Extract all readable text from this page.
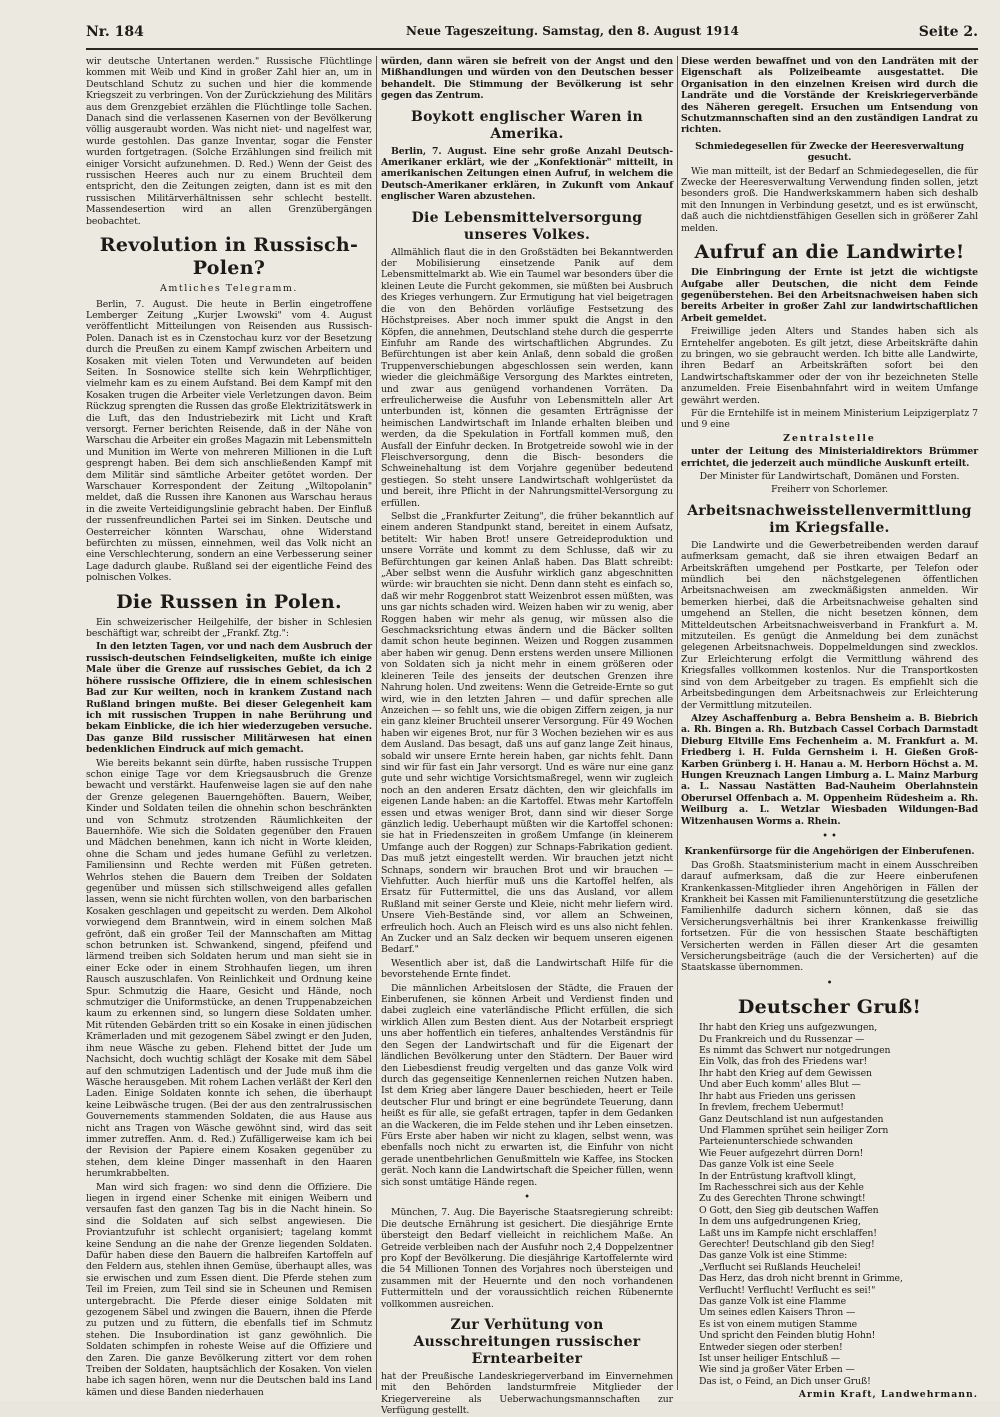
Nr. 184	Neue Tageszeitung. Samstag, den 8. August 1914	Seite 2.

wir deutsche Untertanen werden." Russische Flüchtlinge kommen mit Weib und Kind in großer Zahl hier an, um in Deutschland Schutz zu suchen und hier die kommende Kriegszeit zu verbringen. Von der Zurückziehung des Militärs aus dem Grenzgebiet erzählen die Flüchtlinge tolle Sachen. Danach sind die verlassenen Kasernen von der Bevölkerung völlig ausgeraubt worden. Was nicht niet- und nagelfest war, wurde gestohlen. Das ganze Inventar, sogar die Fenster wurden fortgetragen. (Solche Erzählungen sind freilich mit einiger Vorsicht aufzunehmen. D. Red.) Wenn der Geist des russischen Heeres auch nur zu einem Bruchteil dem entspricht, den die Zeitungen zeigten, dann ist es mit den russischen Militärverhältnissen sehr schlecht bestellt. Massendesertion wird an allen Grenzübergängen beobachtet.

Revolution in Russisch-Polen?
Amtliches Telegramm.

Berlin, 7. August. Die heute in Berlin eingetroffene Lemberger Zeitung „Kurjer Lwowski" vom 4. August veröffentlicht Mitteilungen von Reisenden aus Russisch-Polen. Danach ist es in Czenstochau kurz vor der Besetzung durch die Preußen zu einem Kampf zwischen Arbeitern und Kosaken mit vielen Toten und Verwundeten auf beiden Seiten. In Sosnowice stellte sich kein Wehrpflichtiger, vielmehr kam es zu einem Aufstand. Bei dem Kampf mit den Kosaken trugen die Arbeiter viele Verletzungen davon. Beim Rückzug sprengten die Russen das große Elektrizitätswerk in die Luft, das den Industriebezirk mit Licht und Kraft versorgt. Ferner berichten Reisende, daß in der Nähe von Warschau die Arbeiter ein großes Magazin mit Lebensmitteln und Munition im Werte von mehreren Millionen in die Luft gesprengt haben. Bei dem sich anschließenden Kampf mit dem Militär sind sämtliche Arbeiter getötet worden. Der Warschauer Korrespondent der Zeitung „Wiltopolanin" meldet, daß die Russen ihre Kanonen aus Warschau heraus in die zweite Verteidigungslinie gebracht haben. Der Einfluß der russenfreundlichen Partei sei im Sinken. Deutsche und Oesterreicher könnten Warschau, ohne Widerstand befürchten zu müssen, einnehmen, weil das Volk nicht an eine Verschlechterung, sondern an eine Verbesserung seiner Lage dadurch glaube. Rußland sei der eigentliche Feind des polnischen Volkes.

Die Russen in Polen.

Ein schweizerischer Heilgehilfe, der bisher in Schlesien beschäftigt war, schreibt der „Frankf. Ztg.":

In den letzten Tagen, vor und nach dem Ausbruch der russisch-deutschen Feindseligkeiten, mußte ich einige Male über die Grenze auf russisches Gebiet, da ich 2 höhere russische Offiziere, die in einem schlesischen Bad zur Kur weilten, noch in krankem Zustand nach Rußland bringen mußte. Bei dieser Gelegenheit kam ich mit russischen Truppen in nahe Berührung und bekam Einblicke, die ich hier wiederzugeben versuche. Das ganze Bild russischer Militärwesen hat einen bedenklichen Eindruck auf mich gemacht.

Wie bereits bekannt sein dürfte, haben russische Truppen schon einige Tage vor dem Kriegsausbruch die Grenze bewacht und verstärkt. Haufenweise lagen sie auf den nahe der Grenze gelegenen Bauerngehöften. Bauern, Weiber, Kinder und Soldaten teilen die ohnehin schon beschränkten und von Schmutz strotzenden Räumlichkeiten der Bauernhöfe. Wie sich die Soldaten gegenüber den Frauen und Mädchen benehmen, kann ich nicht in Worte kleiden, ohne die Scham und jedes humane Gefühl zu verletzen. Familiensinn und Rechte werden mit Füßen getreten. Wehrlos stehen die Bauern dem Treiben der Soldaten gegenüber und müssen sich stillschweigend alles gefallen lassen, wenn sie nicht fürchten wollen, von den barbarischen Kosaken geschlagen und gepeitscht zu werden. Dem Alkohol vorwiegend dem Branntwein, wird in einem solchen Maß gefrönt, daß ein großer Teil der Mannschaften am Mittag schon betrunken ist. Schwankend, singend, pfeifend und lärmend treiben sich Soldaten herum und man sieht sie in einer Ecke oder in einem Strohhaufen liegen, um ihren Rausch auszuschlafen. Von Reinlichkeit und Ordnung keine Spur. Schmutzig die Haare, Gesicht und Hände, noch schmutziger die Uniformstücke, an denen Truppenabzeichen kaum zu erkennen sind, so lungern diese Soldaten umher. Mit rütenden Gebärden tritt so ein Kosake in einen jüdischen Krämerladen und mit gezogenem Säbel zwingt er den Juden, ihm neue Wäsche zu geben. Flehend bittet der Jude um Nachsicht, doch wuchtig schlägt der Kosake mit dem Säbel auf den schmutzigen Ladentisch und der Jude muß ihm die Wäsche herausgeben. Mit rohem Lachen verläßt der Kerl den Laden. Einige Soldaten konnte ich sehen, die überhaupt keine Leibwäsche trugen. (Bei der aus den zentralrussischen Gouvernements stammenden Soldaten, die aus Hause aus nicht ans Tragen von Wäsche gewöhnt sind, wird das seit immer zutreffen. Anm. d. Red.) Zufälligerweise kam ich bei der Revision der Papiere einem Kosaken gegenüber zu stehen, dem kleine Dinger massenhaft in den Haaren herumkrabbelten.

Man wird sich fragen: wo sind denn die Offiziere. Die liegen in irgend einer Schenke mit einigen Weibern und versaufen fast den ganzen Tag bis in die Nacht hinein. So sind die Soldaten auf sich selbst angewiesen. Die Proviantzufuhr ist schlecht organisiert; tagelang kommt keine Sendung an die nahe der Grenze liegenden Soldaten. Dafür haben diese den Bauern die halbreifen Kartoffeln auf den Feldern aus, stehlen ihnen Gemüse, überhaupt alles, was sie erwischen und zum Essen dient. Die Pferde stehen zum Teil im Freien, zum Teil sind sie in Scheunen und Remisen untergebracht. Die Pferde dieser einige Soldaten mit gezogenem Säbel und zwingen die Bauern, ihnen die Pferde zu putzen und zu füttern, die ebenfalls tief im Schmutz stehen. Die Insubordination ist ganz gewöhnlich. Die Soldaten schimpfen in roheste Weise auf die Offiziere und den Zaren. Die ganze Bevölkerung zittert vor dem rohen Treiben der Soldaten, hauptsächlich der Kosaken. Von vielen habe ich sagen hören, wenn nur die Deutschen bald ins Land kämen und diese Banden niederhauen

würden, dann wären sie befreit von der Angst und den Mißhandlungen und würden von den Deutschen besser behandelt. Die Stimmung der Bevölkerung ist sehr gegen das Zentrum.

Boykott englischer Waren in Amerika.

Berlin, 7. August. Eine sehr große Anzahl Deutsch-Amerikaner erklärt, wie der „Konfektionär" mitteilt, in amerikanischen Zeitungen einen Aufruf, in welchem die Deutsch-Amerikaner erklären, in Zukunft vom Ankauf englischer Waren abzustehen.

Die Lebensmittelversorgung unseres Volkes.

Allmählich flaut die in den Großstädten bei Bekanntwerden der Mobilisierung einsetzende Panik auf dem Lebensmittelmarkt ab. Wie ein Taumel war besonders über die kleinen Leute die Furcht gekommen, sie müßten bei Ausbruch des Krieges verhungern. Zur Ermutigung hat viel beigetragen die von den Behörden vorläufige Festsetzung des Höchstpreises. Aber noch immer spukt die Angst in den Köpfen, die annehmen, Deutschland stehe durch die gesperrte Einfuhr am Rande des wirtschaftlichen Abgrundes. Zu Befürchtungen ist aber kein Anlaß, denn sobald die großen Truppenverschiebungen abgeschlossen sein werden, kann wieder die gleichmäßige Versorgung des Marktes eintreten, und zwar aus genügend vorhandenen Vorräten. Da erfreulicherweise die Ausfuhr von Lebensmitteln aller Art unterbunden ist, können die gesamten Erträgnisse der heimischen Landwirtschaft im Inlande erhalten bleiben und werden, da die Spekulation in Fortfall kommen muß, den Ausfall der Einfuhr decken. In Brotgetreide sowohl wie in der Fleischversorgung, denn die Bisch- besonders die Schweinehaltung ist dem Vorjahre gegenüber bedeutend gestiegen. So steht unsere Landwirtschaft wohlgerüstet da und bereit, ihre Pflicht in der Nahrungsmittel-Versorgung zu erfüllen.

Selbst die „Frankfurter Zeitung", die früher bekanntlich auf einem anderen Standpunkt stand, bereitet in einem Aufsatz, betitelt: Wir haben Brot! unsere Getreideproduktion und unsere Vorräte und kommt zu dem Schlusse, daß wir zu Befürchtungen gar keinen Anlaß haben. Das Blatt schreibt: „Aber selbst wenn die Ausfuhr wirklich ganz abgeschnitten würde: wir brauchten sie nicht. Denn dann steht es einfach so, daß wir mehr Roggenbrot statt Weizenbrot essen müßten, was uns gar nichts schaden wird. Weizen haben wir zu wenig, aber Roggen haben wir mehr als genug, wir müssen also die Geschmacksrichtung etwas ändern und die Bäcker sollten damit schon heute beginnen. Weizen und Roggen zusammen aber haben wir genug. Denn erstens werden unsere Millionen von Soldaten sich ja nicht mehr in einem größeren oder kleineren Teile des jenseits der deutschen Grenzen ihre Nahrung holen. Und zweitens: Wenn die Getreide-Ernte so gut wird, wie in den letzten Jahren — und dafür sprechen alle Anzeichen — so fehlt uns, wie die obigen Ziffern zeigen, ja nur ein ganz kleiner Bruchteil unserer Versorgung. Für 49 Wochen haben wir eigenes Brot, nur für 3 Wochen beziehen wir es aus dem Ausland. Das besagt, daß uns auf ganz lange Zeit hinaus, sobald wir unsere Ernte herein haben, gar nichts fehlt. Dann sind wir für fast ein Jahr versorgt. Und es wäre nur eine ganz gute und sehr wichtige Vorsichtsmaßregel, wenn wir zugleich noch an den anderen Ersatz dächten, den wir gleichfalls im eigenen Lande haben: an die Kartoffel. Etwas mehr Kartoffeln essen und etwas weniger Brot, dann sind wir dieser Sorge gänzlich ledig. Ueberhaupt müßten wir die Kartoffel schonen: sie hat in Friedenszeiten in großem Umfange (in kleinerem Umfange auch der Roggen) zur Schnaps-Fabrikation gedient. Das muß jetzt eingestellt werden. Wir brauchen jetzt nicht Schnaps, sondern wir brauchen Brot und wir brauchen — Viehfutter. Auch hierfür muß uns die Kartoffel helfen, als Ersatz für Futtermittel, die uns das Ausland, vor allem Rußland mit seiner Gerste und Kleie, nicht mehr liefern wird. Unsere Vieh-Bestände sind, vor allem an Schweinen, erfreulich hoch. Auch an Fleisch wird es uns also nicht fehlen. An Zucker und an Salz decken wir bequem unseren eigenen Bedarf."

Wesentlich aber ist, daß die Landwirtschaft Hilfe für die bevorstehende Ernte findet.

Die männlichen Arbeitslosen der Städte, die Frauen der Einberufenen, sie können Arbeit und Verdienst finden und dabei zugleich eine vaterländische Pflicht erfüllen, die sich wirklich Allen zum Besten dient. Aus der Notarbeit erspriegt uns aber hoffentlich ein tieferes, anhaltendes Verständnis für den Segen der Landwirtschaft und für die Eigenart der ländlichen Bevölkerung unter den Städtern. Der Bauer wird den Liebesdienst freudig vergelten und das ganze Volk wird durch das gegenseitige Kennenlernen reichen Nutzen haben. Ist dem Krieg aber längere Dauer beschieden, heert er Teile deutscher Flur und bringt er eine begründete Teuerung, dann heißt es für alle, sie gefaßt ertragen, tapfer in dem Gedanken an die Wackeren, die im Felde stehen und ihr Leben einsetzen. Fürs Erste aber haben wir nicht zu klagen, selbst wenn, was ebenfalls noch nicht zu erwarten ist, die Einfuhr von nicht gerade unentbehrlichen Genußmitteln wie Kaffee, ins Stocken gerät. Noch kann die Landwirtschaft die Speicher füllen, wenn sich sonst umtätige Hände regen.

•

München, 7. Aug. Die Bayerische Staatsregierung schreibt: Die deutsche Ernährung ist gesichert. Die diesjährige Ernte übersteigt den Bedarf vielleicht in reichlichem Maße. An Getreide verbleiben nach der Ausfuhr noch 2,4 Doppelzentner pro Kopf der Bevölkerung. Die diesjährige Kartoffelernte wird die 54 Millionen Tonnen des Vorjahres noch übersteigen und zusammen mit der Heuernte und den noch vorhandenen Futtermitteln und der voraussichtlich reichen Rübenernte vollkommen ausreichen.

Zur Verhütung von Ausschreitungen russischer Erntearbeiter

hat der Preußische Landeskriegerverband im Einvernehmen mit den Behörden landsturmfreie Mitglieder der Kriegervereine als Ueberwachungsmannschaften zur Verfügung gestellt.

Diese werden bewaffnet und von den Landräten mit der Eigenschaft als Polizeibeamte ausgestattet. Die Organisation in den einzelnen Kreisen wird durch die Landräte und die Vorstände der Kreiskriegerverbände des Näheren geregelt. Ersuchen um Entsendung von Schutzmannschaften sind an den zuständigen Landrat zu richten.

Schmiedegesellen für Zwecke der Heeresverwaltung gesucht.

Wie man mitteilt, ist der Bedarf an Schmiedegesellen, die für Zwecke der Heeresverwaltung Verwendung finden sollen, jetzt besonders groß. Die Handwerkskammern haben sich deshalb mit den Innungen in Verbindung gesetzt, und es ist erwünscht, daß auch die nichtdienstfähigen Gesellen sich in größerer Zahl melden.

Aufruf an die Landwirte!

Die Einbringung der Ernte ist jetzt die wichtigste Aufgabe aller Deutschen, die nicht dem Feinde gegenüberstehen. Bei den Arbeitsnachweisen haben sich bereits Arbeiter in großer Zahl zur landwirtschaftlichen Arbeit gemeldet.

Freiwillige jeden Alters und Standes haben sich als Erntehelfer angeboten. Es gilt jetzt, diese Arbeitskräfte dahin zu bringen, wo sie gebraucht werden. Ich bitte alle Landwirte, ihren Bedarf an Arbeitskräften sofort bei den Landwirtschaftskammer oder der von ihr bezeichneten Stelle anzumelden. Freie Eisenbahnfahrt wird in weitem Umfange gewährt werden.

Für die Erntehilfe ist in meinem Ministerium Leipzigerplatz 7 und 9 eine

Zentralstelle

unter der Leitung des Ministerialdirektors Brümmer errichtet, die jederzeit auch mündliche Auskunft erteilt.

Der Minister für Landwirtschaft, Domänen und Forsten.
Freiherr von Schorlemer.
Arbeitsnachweisstellenvermittlung im Kriegsfalle.

Die Landwirte und die Gewerbetreibenden werden darauf aufmerksam gemacht, daß sie ihren etwaigen Bedarf an Arbeitskräften umgehend per Postkarte, per Telefon oder mündlich bei den nächstgelegenen öffentlichen Arbeitsnachweisen am zweckmäßigsten anmelden. Wir bemerken hierbei, daß die Arbeitsnachweise gehalten sind umgehend an Stellen, die nicht besetzen können, dem Mitteldeutschen Arbeitsnachweisverband in Frankfurt a. M. mitzuteilen. Es genügt die Anmeldung bei dem zunächst gelegenen Arbeitsnachweis. Doppelmeldungen sind zwecklos. Zur Erleichterung erfolgt die Vermittlung während des Kriegsfalles vollkommen kostenlos. Nur die Transportkosten sind von dem Arbeitgeber zu tragen. Es empfiehlt sich die Arbeitsbedingungen dem Arbeitsnachweis zur Erleichterung der Vermittlung mitzuteilen.

Alzey Aschaffenburg a. Bebra Bensheim a. B. Biebrich a. Rh. Bingen a. Rh. Butzbach Cassel Corbach Darmstadt Dieburg Eltville Ems Fechenheim a. M. Frankfurt a. M. Friedberg i. H. Fulda Gernsheim i. H. Gießen Groß-Karben Grünberg i. H. Hanau a. M. Herborn Höchst a. M. Hungen Kreuznach Langen Limburg a. L. Mainz Marburg a. L. Nassau Nastätten Bad-Nauheim Oberlahnstein Oberursel Offenbach a. M. Oppenheim Rüdesheim a. Rh. Weilburg a. L. Wetzlar Wiesbaden Wildungen-Bad Witzenhausen Worms a. Rhein.

• •
Krankenfürsorge für die Angehörigen der Einberufenen.

Das Großh. Staatsministerium macht in einem Ausschreiben darauf aufmerksam, daß die zur Heere einberufenen Krankenkassen-Mitglieder ihren Angehörigen in Fällen der Krankheit bei Kassen mit Familienunterstützung die gesetzliche Familienhilfe dadurch sichern können, daß sie das Versicherungsverhältnis bei ihrer Krankenkasse freiwillig fortsetzen. Für die von hessischen Staate beschäftigten Versicherten werden in Fällen dieser Art die gesamten Versicherungsbeiträge (auch die der Versicherten) auf die Staatskasse übernommen.

•
Deutscher Gruß!
Ihr habt den Krieg uns aufgezwungen,
Du Frankreich und du Russenzar —
Es nimmt das Schwert nur notgedrungen
Ein Volk, das froh des Friedens war!
Ihr habt den Krieg auf dem Gewissen
Und aber Euch komm' alles Blut —
Ihr habt aus Frieden uns gerissen
In frevlem, frechem Uebermut!
Ganz Deutschland ist nun aufgestanden
Und Flammen sprühet sein heiliger Zorn
Parteienunterschiede schwanden
Wie Feuer aufgezehrt dürren Dorn!
Das ganze Volk ist eine Seele
In der Entrüstung kraftvoll klingt,
Im Rachesschrei sich aus der Kehle
Zu des Gerechten Throne schwingt!
O Gott, den Sieg gib deutschen Waffen
In dem uns aufgedrungenen Krieg,
Laßt uns im Kampfe nicht erschlaffen!
Gerechter! Deutschland gib den Sieg!
Das ganze Volk ist eine Stimme:
„Verflucht sei Rußlands Heuchelei!
Das Herz, das droh nicht brennt in Grimme,
Verflucht! Verflucht! Verflucht es sei!"
Das ganze Volk ist eine Flamme
Um seines edlen Kaisers Thron —
Es ist von einem mutigen Stamme
Und spricht den Feinden blutig Hohn!
Entweder siegen oder sterben!
Ist unser heiliger Entschluß —
Wie sind ja großer Väter Erben —
Das ist, o Feind, an Dich unser Gruß!
Armin Kraft, Landwehrmann.
